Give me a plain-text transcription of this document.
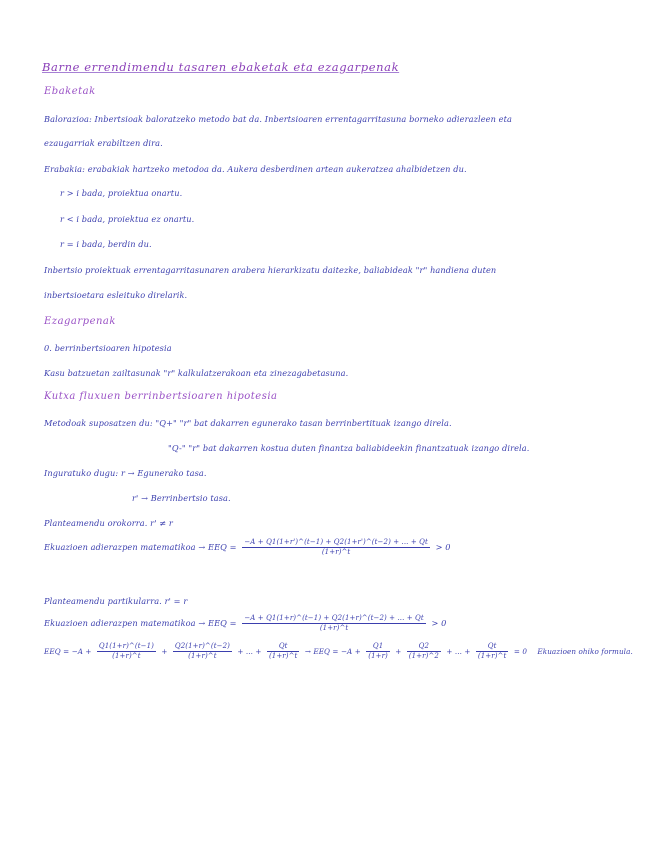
Barne errendimendu tasaren ebaketak eta ezagarpenak
Ebaketak
Balorazioa: Inbertsioak baloratzeko metodo bat da. Inbertsioaren errentagarritasuna borneko adierazleen eta
ezaugarriak erabiltzen dira.
Erabakia: erabakiak hartzeko metodoa da. Aukera desberdinen artean aukeratzea ahalbidetzen du.
r > i bada, proiektua onartu.
r < i bada, proiektua ez onartu.
r = i bada, berdin du.
Inbertsio proiektuak errentagarritasunaren arabera hierarkizatu daitezke, baliabideak "r" handiena duten
inbertsioetara esleituko direlarik.
Ezagarpenak
0. berrinbertsioaren hipotesia
Kasu batzuetan zailtasunak "r" kalkulatzerakoan eta zinezagabetasuna.
Kutxa fluxuen berrinbertsioaren hipotesia
Metodoak suposatzen du: "Q+" "r" bat dakarren egunerako tasan berrinbertituak izango direla.
"Q-" "r" bat dakarren kostua duten finantza baliabideekin finantzatuak izango direla.
Inguratuko dugu: r → Egunerako tasa.
r' → Berrinbertsio tasa.
Planteamendu orokorra. r' ≠ r
Ekuazioen adierazpen matematikoa → EEQ = $\frac{-A + Q1(1+r')\^{}(t-1) + Q2(1+r')\^{}(t-2) + ... + Qt}{(1+r)\^{}t} > 0$
Planteamendu partikularra. r' = r
Ekuazioen adierazpen matematikoa → EEQ = $\frac{-A + Q1(1+r)\^{}(t-1) + Q2(1+r)\^{}(t-2) + ... + Qt}{(1+r)\^{}t} > 0$
EEQ = $-A + \frac{Q1(1+r)\^{}(t-1)}{(1+r)\^{}t} + \frac{Q2(1+r)\^{}(t-2)}{(1+r)\^{}t}$ + ... + $\frac{Qt}{(1+r)\^{}t}$ → EEQ = $-A + \frac{Q1}{(1+r)} + \frac{Q2}{(1+r)\^{}2}$ + ... + $\frac{Qt}{(1+r)\^{}t} = 0$ Ekuazioen ohiko formula.
